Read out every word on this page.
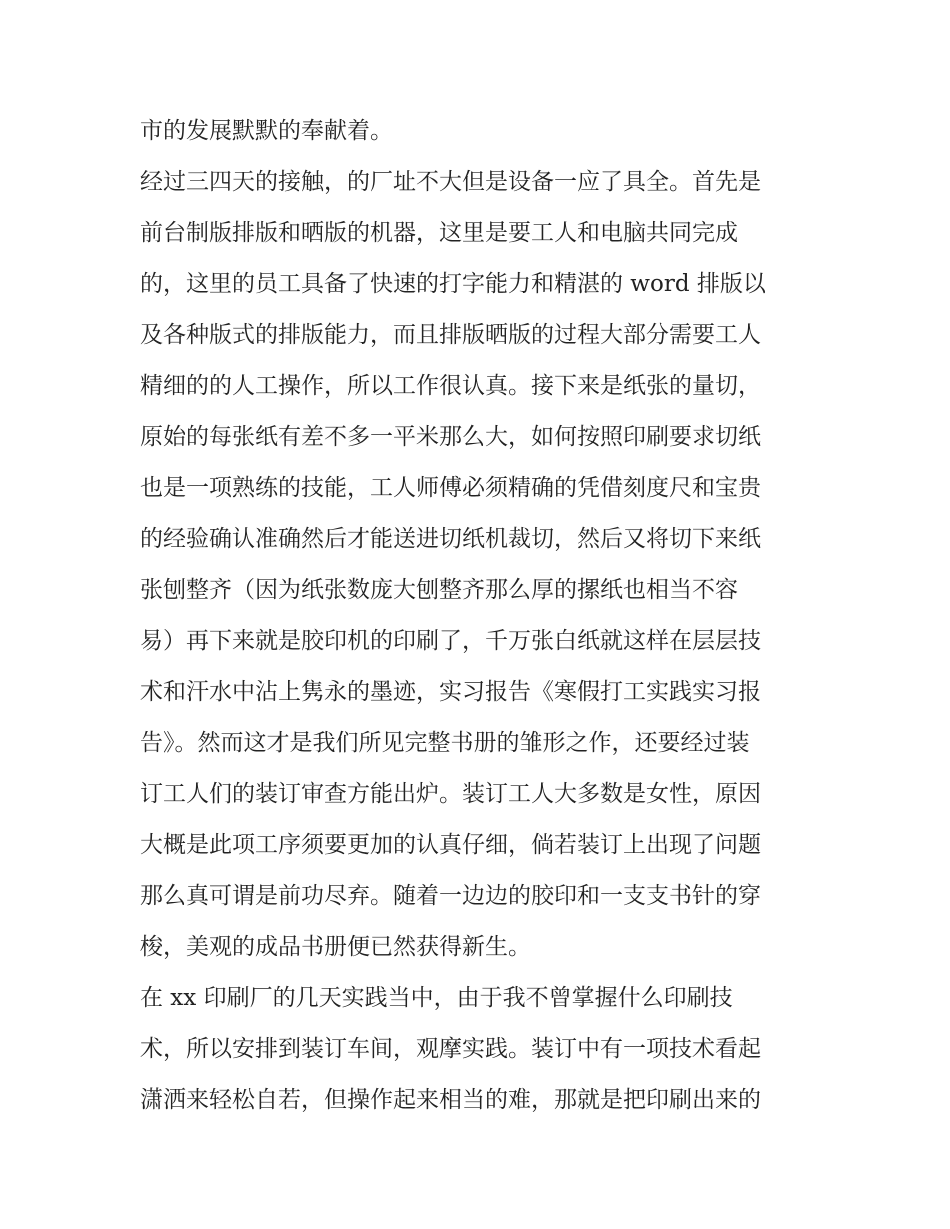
市的发展默默的奉献着。
经过三四天的接触，的厂址不大但是设备一应了具全。首先是
前台制版排版和晒版的机器，这里是要工人和电脑共同完成
的，这里的员工具备了快速的打字能力和精湛的 word 排版以
及各种版式的排版能力，而且排版晒版的过程大部分需要工人
精细的的人工操作，所以工作很认真。接下来是纸张的量切，
原始的每张纸有差不多一平米那么大，如何按照印刷要求切纸
也是一项熟练的技能，工人师傅必须精确的凭借刻度尺和宝贵
的经验确认准确然后才能送进切纸机裁切，然后又将切下来纸
张刨整齐（因为纸张数庞大刨整齐那么厚的摞纸也相当不容
易）再下来就是胶印机的印刷了，千万张白纸就这样在层层技
术和汗水中沾上隽永的墨迹，实习报告《寒假打工实践实习报
告》。然而这才是我们所见完整书册的雏形之作，还要经过装
订工人们的装订审查方能出炉。装订工人大多数是女性，原因
大概是此项工序须要更加的认真仔细，倘若装订上出现了问题
那么真可谓是前功尽弃。随着一边边的胶印和一支支书针的穿
梭，美观的成品书册便已然获得新生。
在 xx 印刷厂的几天实践当中，由于我不曾掌握什么印刷技
术，所以安排到装订车间，观摩实践。装订中有一项技术看起
潇洒来轻松自若，但操作起来相当的难，那就是把印刷出来的
